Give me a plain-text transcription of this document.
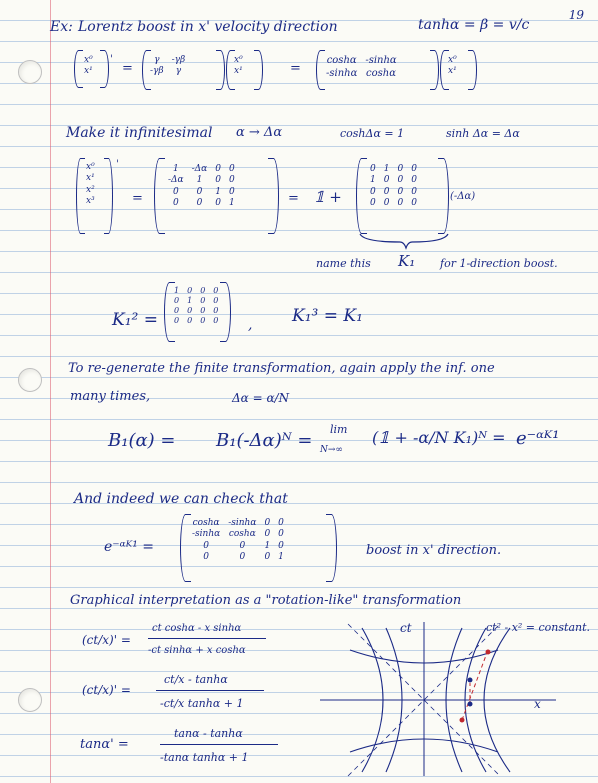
19
Ex: Lorentz boost in x' velocity direction	tanhα = β = v/c
x⁰
x¹
'
=
γ	-γβ
-γβ	γ
x⁰
x¹	=
coshα	-sinhα
-sinhα	coshα
x⁰
x¹
Make it infinitesimal α → Δα	coshΔα = 1	sinh Δα = Δα
x⁰
x¹
x²
x³
'
=
1	-Δα	0	0
-Δα	1	0	0
0	0	1	0
0	0	0	1	= 𝟙 +
0	1	0	0
1	0	0	0
0	0	0	0
0	0	0	0
(-Δα)
name this K₁ for 1-direction boost.
K₁² =
1	0	0	0
0	1	0	0
0	0	0	0
0	0	0	0 , K₁³ = K₁
To re-generate the finite transformation, again apply the inf. one
many times,	Δα = α/N
B₁(α) = B₁(-Δα)ᴺ =
lim
N→∞
(𝟙 + -α/N K₁)ᴺ = e⁻ᵅᴷ¹
And indeed we can check that
e⁻ᵅᴷ¹ =
coshα	-sinhα	0	0
-sinhα	coshα	0	0
0	0	1	0
0	0	0	1	boost in x' direction.
Graphical interpretation as a "rotation-like" transformation
(ct/x)' =
ct coshα - x sinhα
-ct sinhα + x coshα
(ct/x)' =
ct/x - tanhα
-ct/x tanhα + 1
tanα' =
tanα - tanhα
-tanα tanhα + 1
ct
x
ct² - x² = constant.
